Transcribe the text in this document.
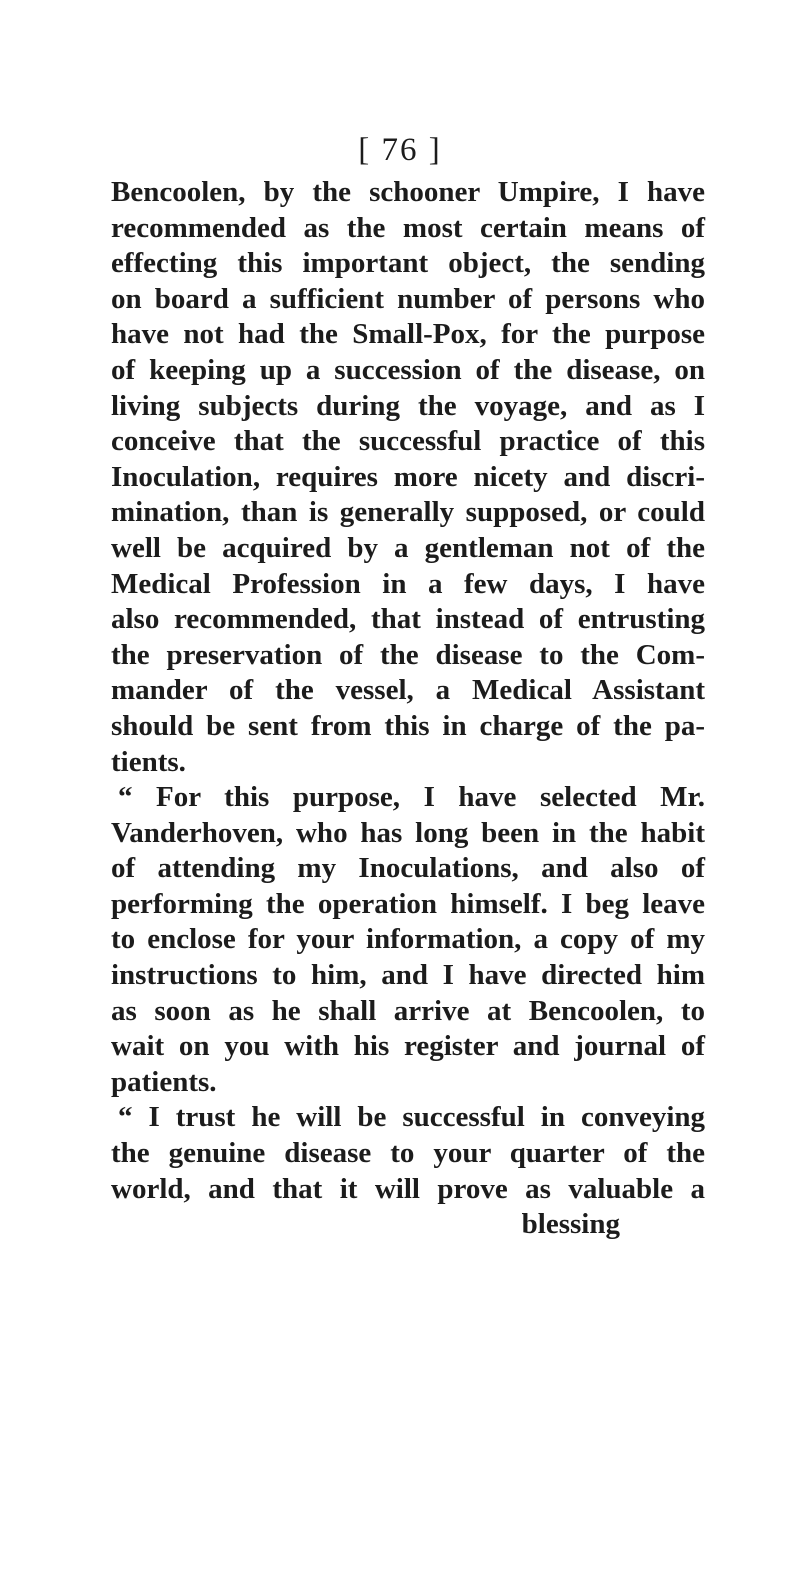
[ 76 ]
Bencoolen, by the schooner Umpire, I have
recommended as the most certain means of
effecting this important object, the sending
on board a sufficient number of persons who
have not had the Small-Pox, for the purpose
of keeping up a succession of the disease, on
living subjects during the voyage, and as I
conceive that the successful practice of this
Inoculation, requires more nicety and discri-
mination, than is generally supposed, or could
well be acquired by a gentleman not of the
Medical Profession in a few days, I have
also recommended, that instead of entrusting
the preservation of the disease to the Com-
mander of the vessel, a Medical Assistant
should be sent from this in charge of the pa-
tients.
“ For this purpose, I have selected Mr.
Vanderhoven, who has long been in the habit
of attending my Inoculations, and also of
performing the operation himself. I beg leave
to enclose for your information, a copy of my
instructions to him, and I have directed him
as soon as he shall arrive at Bencoolen, to
wait on you with his register and journal of
patients.
“ I trust he will be successful in conveying
the genuine disease to your quarter of the
world, and that it will prove as valuable a
blessing
